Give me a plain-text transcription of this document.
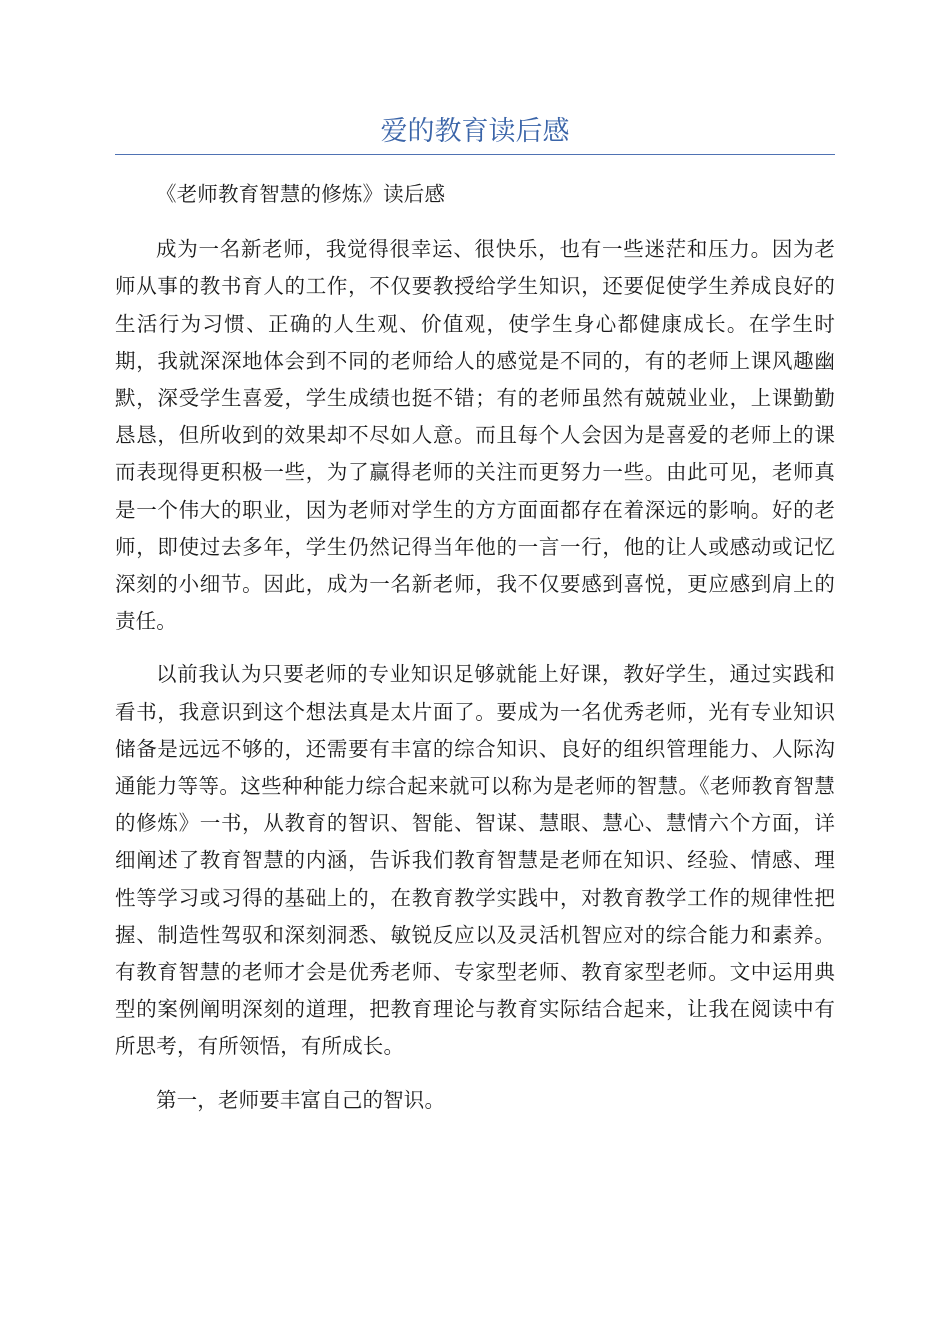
爱的教育读后感

《老师教育智慧的修炼》读后感

成为一名新老师，我觉得很幸运、很快乐，也有一些迷茫和压力。因为老师从事的教书育人的工作，不仅要教授给学生知识，还要促使学生养成良好的生活行为习惯、正确的人生观、价值观，使学生身心都健康成长。在学生时期，我就深深地体会到不同的老师给人的感觉是不同的，有的老师上课风趣幽默，深受学生喜爱，学生成绩也挺不错；有的老师虽然有兢兢业业，上课勤勤恳恳，但所收到的效果却不尽如人意。而且每个人会因为是喜爱的老师上的课而表现得更积极一些，为了赢得老师的关注而更努力一些。由此可见，老师真是一个伟大的职业，因为老师对学生的方方面面都存在着深远的影响。好的老师，即使过去多年，学生仍然记得当年他的一言一行，他的让人或感动或记忆深刻的小细节。因此，成为一名新老师，我不仅要感到喜悦，更应感到肩上的责任。

以前我认为只要老师的专业知识足够就能上好课，教好学生，通过实践和看书，我意识到这个想法真是太片面了。要成为一名优秀老师，光有专业知识储备是远远不够的，还需要有丰富的综合知识、良好的组织管理能力、人际沟通能力等等。这些种种能力综合起来就可以称为是老师的智慧。《老师教育智慧的修炼》一书，从教育的智识、智能、智谋、慧眼、慧心、慧情六个方面，详细阐述了教育智慧的内涵，告诉我们教育智慧是老师在知识、经验、情感、理性等学习或习得的基础上的，在教育教学实践中，对教育教学工作的规律性把握、制造性驾驭和深刻洞悉、敏锐反应以及灵活机智应对的综合能力和素养。有教育智慧的老师才会是优秀老师、专家型老师、教育家型老师。文中运用典型的案例阐明深刻的道理，把教育理论与教育实际结合起来，让我在阅读中有所思考，有所领悟，有所成长。

第一，老师要丰富自己的智识。
